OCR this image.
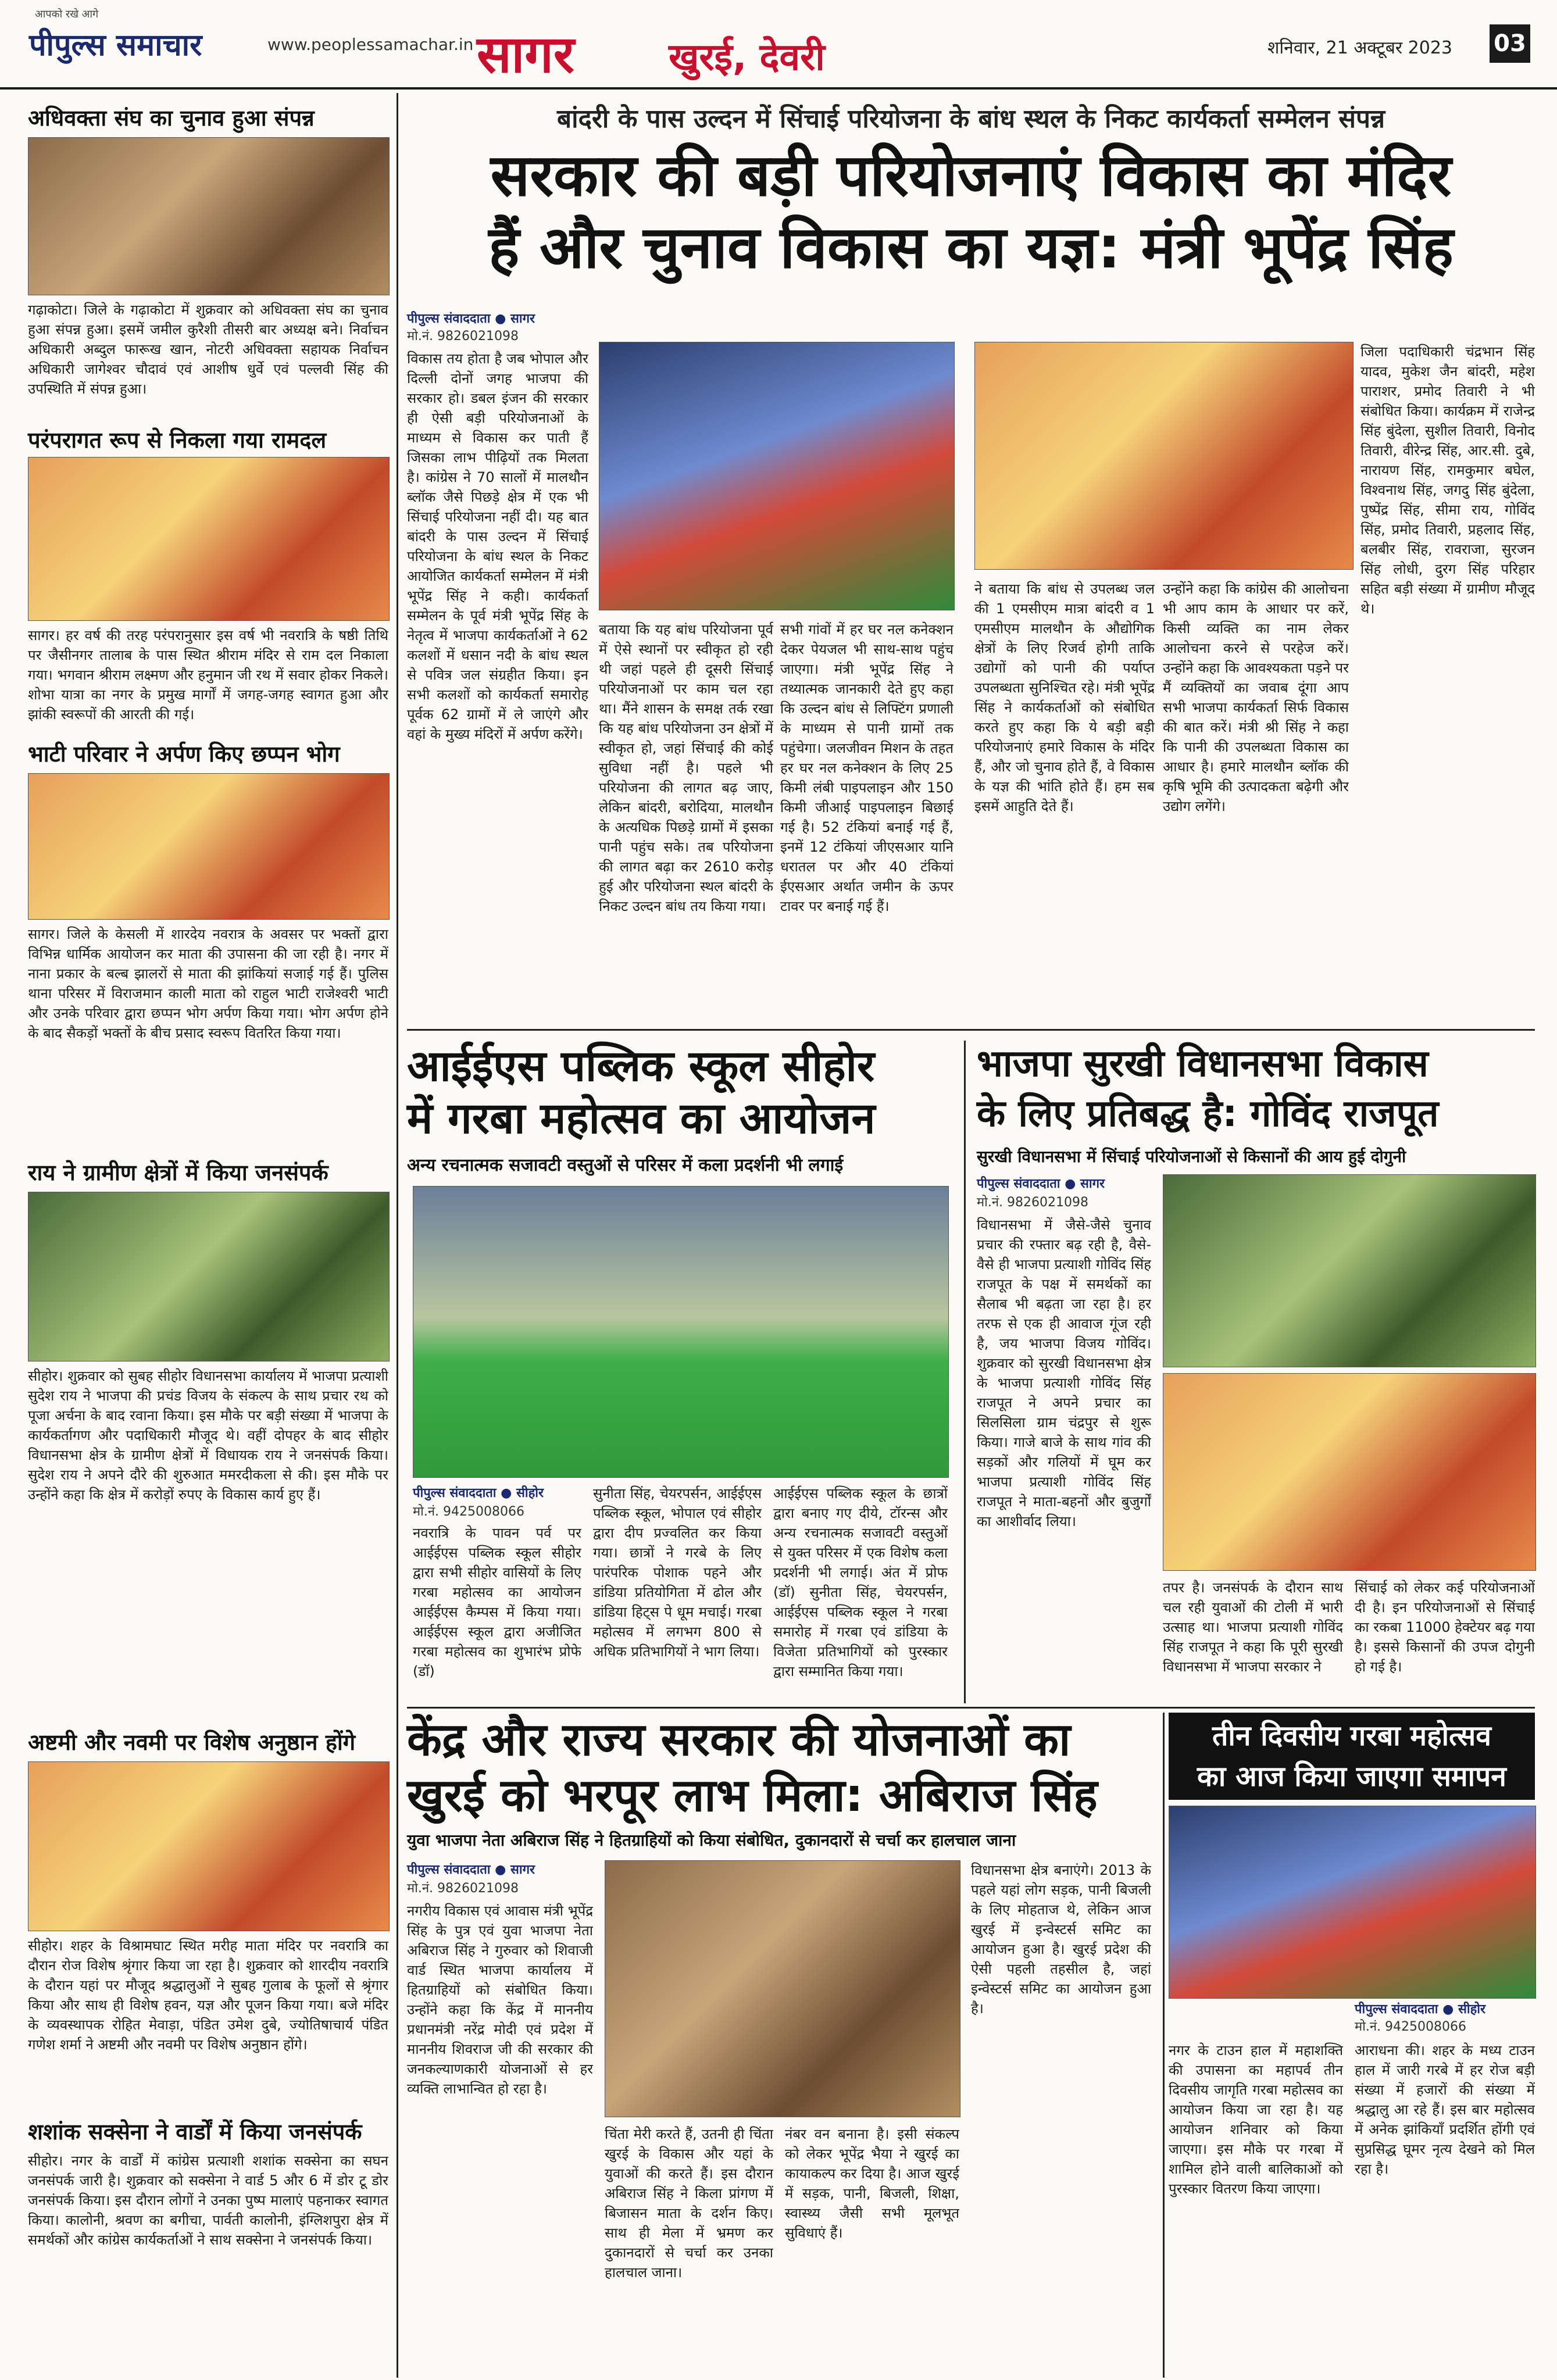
आपको रखे आगे
पीपुल्स समाचार	www.peoplessamachar.in सागर	खुरई, देवरी	शनिवार, 21 अक्टूबर 2023 03
अधिवक्ता संघ का चुनाव हुआ संपन्न
गढ़ाकोटा। जिले के गढ़ाकोटा में शुक्रवार को अधिवक्ता संघ का चुनाव हुआ संपन्न हुआ। इसमें जमील कुरैशी तीसरी बार अध्यक्ष बने। निर्वाचन अधिकारी अब्दुल फारूख खान, नोटरी अधिवक्ता सहायक निर्वाचन अधिकारी जागेश्वर चौदावं एवं आशीष धुर्वे एवं पल्लवी सिंह की उपस्थिति में संपन्न हुआ।
परंपरागत रूप से निकला गया रामदल
सागर। हर वर्ष की तरह परंपरानुसार इस वर्ष भी नवरात्रि के षष्ठी तिथि पर जैसीनगर तालाब के पास स्थित श्रीराम मंदिर से राम दल निकाला गया। भगवान श्रीराम लक्ष्मण और हनुमान जी रथ में सवार होकर निकले। शोभा यात्रा का नगर के प्रमुख मार्गों में जगह-जगह स्वागत हुआ और झांकी स्वरूपों की आरती की गई।
भाटी परिवार ने अर्पण किए छप्पन भोग
सागर। जिले के केसली में शारदेय नवरात्र के अवसर पर भक्तों द्वारा विभिन्न धार्मिक आयोजन कर माता की उपासना की जा रही है। नगर में नाना प्रकार के बल्ब झालरों से माता की झांकियां सजाई गई हैं। पुलिस थाना परिसर में विराजमान काली माता को राहुल भाटी राजेश्वरी भाटी और उनके परिवार द्वारा छप्पन भोग अर्पण किया गया। भोग अर्पण होने के बाद सैकड़ों भक्तों के बीच प्रसाद स्वरूप वितरित किया गया।
राय ने ग्रामीण क्षेत्रों में किया जनसंपर्क
सीहोर। शुक्रवार को सुबह सीहोर विधानसभा कार्यालय में भाजपा प्रत्याशी सुदेश राय ने भाजपा की प्रचंड विजय के संकल्प के साथ प्रचार रथ को पूजा अर्चना के बाद रवाना किया। इस मौके पर बड़ी संख्या में भाजपा के कार्यकर्तागण और पदाधिकारी मौजूद थे। वहीं दोपहर के बाद सीहोर विधानसभा क्षेत्र के ग्रामीण क्षेत्रों में विधायक राय ने जनसंपर्क किया। सुदेश राय ने अपने दौरे की शुरुआत ममरदीकला से की। इस मौके पर उन्होंने कहा कि क्षेत्र में करोड़ों रुपए के विकास कार्य हुए हैं।
अष्टमी और नवमी पर विशेष अनुष्ठान होंगे
सीहोर। शहर के विश्रामघाट स्थित मरीह माता मंदिर पर नवरात्रि का दौरान रोज विशेष श्रृंगार किया जा रहा है। शुक्रवार को शारदीय नवरात्रि के दौरान यहां पर मौजूद श्रद्धालुओं ने सुबह गुलाब के फूलों से श्रृंगार किया और साथ ही विशेष हवन, यज्ञ और पूजन किया गया। बजे मंदिर के व्यवस्थापक रोहित मेवाड़ा, पंडित उमेश दुबे, ज्योतिषाचार्य पंडित गणेश शर्मा ने अष्टमी और नवमी पर विशेष अनुष्ठान होंगे।
शशांक सक्सेना ने वार्डों में किया जनसंपर्क
सीहोर। नगर के वार्डों में कांग्रेस प्रत्याशी शशांक सक्सेना का सघन जनसंपर्क जारी है। शुक्रवार को सक्सेना ने वार्ड 5 और 6 में डोर टू डोर जनसंपर्क किया। इस दौरान लोगों ने उनका पुष्प मालाएं पहनाकर स्वागत किया। कालोनी, श्रवण का बगीचा, पार्वती कालोनी, इंग्लिशपुरा क्षेत्र में समर्थकों और कांग्रेस कार्यकर्ताओं ने साथ सक्सेना ने जनसंपर्क किया।
बांदरी के पास उल्दन में सिंचाई परियोजना के बांध स्थल के निकट कार्यकर्ता सम्मेलन संपन्न
सरकार की बड़ी परियोजनाएं विकास का मंदिर
हैं और चुनाव विकास का यज्ञ: मंत्री भूपेंद्र सिंह
पीपुल्स संवाददाता ● सागर
मो.नं. 9826021098
विकास तय होता है जब भोपाल और दिल्ली दोनों जगह भाजपा की सरकार हो। डबल इंजन की सरकार ही ऐसी बड़ी परियोजनाओं के माध्यम से विकास कर पाती हैं जिसका लाभ पीढ़ियों तक मिलता है। कांग्रेस ने 70 सालों में मालथौन ब्लॉक जैसे पिछड़े क्षेत्र में एक भी सिंचाई परियोजना नहीं दी। यह बात बांदरी के पास उल्दन में सिंचाई परियोजना के बांध स्थल के निकट आयोजित कार्यकर्ता सम्मेलन में मंत्री भूपेंद्र सिंह ने कही। कार्यकर्ता सम्मेलन के पूर्व मंत्री भूपेंद्र सिंह के नेतृत्व में भाजपा कार्यकर्ताओं ने 62 कलशों में धसान नदी के बांध स्थल से पवित्र जल संग्रहीत किया। इन सभी कलशों को कार्यकर्ता समारोह पूर्वक 62 ग्रामों में ले जाएंगे और वहां के मुख्य मंदिरों में अर्पण करेंगे।
बताया कि यह बांध परियोजना पूर्व में ऐसे स्थानों पर स्वीकृत हो रही थी जहां पहले ही दूसरी सिंचाई परियोजनाओं पर काम चल रहा था। मैंने शासन के समक्ष तर्क रखा कि यह बांध परियोजना उन क्षेत्रों में स्वीकृत हो, जहां सिंचाई की कोई सुविधा नहीं है। पहले भी परियोजना की लागत बढ़ जाए, लेकिन बांदरी, बरोदिया, मालथौन के अत्यधिक पिछड़े ग्रामों में इसका पानी पहुंच सके। तब परियोजना की लागत बढ़ा कर 2610 करोड़ हुई और परियोजना स्थल बांदरी के निकट उल्दन बांध तय किया गया।
सभी गांवों में हर घर नल कनेक्शन देकर पेयजल भी साथ-साथ पहुंच जाएगा। मंत्री भूपेंद्र सिंह ने तथ्यात्मक जानकारी देते हुए कहा कि उल्दन बांध से लिफ्टिंग प्रणाली के माध्यम से पानी ग्रामों तक पहुंचेगा। जलजीवन मिशन के तहत हर घर नल कनेक्शन के लिए 25 किमी लंबी पाइपलाइन और 150 किमी जीआई पाइपलाइन बिछाई गई है। 52 टंकियां बनाई गई हैं, इनमें 12 टंकियां जीएसआर यानि धरातल पर और 40 टंकियां ईएसआर अर्थात जमीन के ऊपर टावर पर बनाई गई हैं।
ने बताया कि बांध से उपलब्ध जल की 1 एमसीएम मात्रा बांदरी व 1 एमसीएम मालथौन के औद्योगिक क्षेत्रों के लिए रिजर्व होगी ताकि उद्योगों को पानी की पर्याप्त उपलब्धता सुनिश्चित रहे। मंत्री भूपेंद्र सिंह ने कार्यकर्ताओं को संबोधित करते हुए कहा कि ये बड़ी बड़ी परियोजनाएं हमारे विकास के मंदिर हैं, और जो चुनाव होते हैं, वे विकास के यज्ञ की भांति होते हैं। हम सब इसमें आहुति देते हैं।
उन्होंने कहा कि कांग्रेस की आलोचना भी आप काम के आधार पर करें, किसी व्यक्ति का नाम लेकर आलोचना करने से परहेज करें। उन्होंने कहा कि आवश्यकता पड़ने पर मैं व्यक्तियों का जवाब दूंगा आप सभी भाजपा कार्यकर्ता सिर्फ विकास की बात करें। मंत्री श्री सिंह ने कहा कि पानी की उपलब्धता विकास का आधार है। हमारे मालथौन ब्लॉक की कृषि भूमि की उत्पादकता बढ़ेगी और उद्योग लगेंगे।
जिला पदाधिकारी चंद्रभान सिंह यादव, मुकेश जैन बांदरी, महेश पाराशर, प्रमोद तिवारी ने भी संबोधित किया। कार्यक्रम में राजेन्द्र सिंह बुंदेला, सुशील तिवारी, विनोद तिवारी, वीरेन्द्र सिंह, आर.सी. दुबे, नारायण सिंह, रामकुमार बघेल, विश्वनाथ सिंह, जगदु सिंह बुंदेला, पुष्पेंद्र सिंह, सीमा राय, गोविंद सिंह, प्रमोद तिवारी, प्रहलाद सिंह, बलबीर सिंह, रावराजा, सुरजन सिंह लोधी, दुरग सिंह परिहार सहित बड़ी संख्या में ग्रामीण मौजूद थे।
आईईएस पब्लिक स्कूल सीहोर
में गरबा महोत्सव का आयोजन
अन्य रचनात्मक सजावटी वस्तुओं से परिसर में कला प्रदर्शनी भी लगाई
पीपुल्स संवाददाता ● सीहोर
मो.नं. 9425008066
नवरात्रि के पावन पर्व पर आईईएस पब्लिक स्कूल सीहोर द्वारा सभी सीहोर वासियों के लिए गरबा महोत्सव का आयोजन आईईएस कैम्पस में किया गया। आईईएस स्कूल द्वारा अजीजित गरबा महोत्सव का शुभारंभ प्रोफे (डॉ)
सुनीता सिंह, चेयरपर्सन, आईईएस पब्लिक स्कूल, भोपाल एवं सीहोर द्वारा दीप प्रज्वलित कर किया गया। छात्रों ने गरबे के लिए पारंपरिक पोशाक पहने और डांडिया प्रतियोगिता में ढोल और डांडिया हिट्स पे धूम मचाई। गरबा महोत्सव में लगभग 800 से अधिक प्रतिभागियों ने भाग लिया।
आईईएस पब्लिक स्कूल के छात्रों द्वारा बनाए गए दीये, टॉरन्स और अन्य रचनात्मक सजावटी वस्तुओं से युक्त परिसर में एक विशेष कला प्रदर्शनी भी लगाई। अंत में प्रोफ (डॉ) सुनीता सिंह, चेयरपर्सन, आईईएस पब्लिक स्कूल ने गरबा समारोह में गरबा एवं डांडिया के विजेता प्रतिभागियों को पुरस्कार द्वारा सम्मानित किया गया।
भाजपा सुरखी विधानसभा विकास
के लिए प्रतिबद्ध है: गोविंद राजपूत
सुरखी विधानसभा में सिंचाई परियोजनाओं से किसानों की आय हुई दोगुनी
पीपुल्स संवाददाता ● सागर
मो.नं. 9826021098
विधानसभा में जैसे-जैसे चुनाव प्रचार की रफ्तार बढ़ रही है, वैसे-वैसे ही भाजपा प्रत्याशी गोविंद सिंह राजपूत के पक्ष में समर्थकों का सैलाब भी बढ़ता जा रहा है। हर तरफ से एक ही आवाज गूंज रही है, जय भाजपा विजय गोविंद। शुक्रवार को सुरखी विधानसभा क्षेत्र के भाजपा प्रत्याशी गोविंद सिंह राजपूत ने अपने प्रचार का सिलसिला ग्राम चंद्रपुर से शुरू किया। गाजे बाजे के साथ गांव की सड़कों और गलियों में घूम कर भाजपा प्रत्याशी गोविंद सिंह राजपूत ने माता-बहनों और बुजुर्गों का आशीर्वाद लिया।
तपर है। जनसंपर्क के दौरान साथ चल रही युवाओं की टोली में भारी उत्साह था। भाजपा प्रत्याशी गोविंद सिंह राजपूत ने कहा कि पूरी सुरखी विधानसभा में भाजपा सरकार ने
सिंचाई को लेकर कई परियोजनाओं दी है। इन परियोजनाओं से सिंचाई का रकबा 11000 हेक्टेयर बढ़ गया है। इससे किसानों की उपज दोगुनी हो गई है।
केंद्र और राज्य सरकार की योजनाओं का
खुरई को भरपूर लाभ मिला: अबिराज सिंह
युवा भाजपा नेता अबिराज सिंह ने हितग्राहियों को किया संबोधित, दुकानदारों से चर्चा कर हालचाल जाना
पीपुल्स संवाददाता ● सागर
मो.नं. 9826021098
नगरीय विकास एवं आवास मंत्री भूपेंद्र सिंह के पुत्र एवं युवा भाजपा नेता अबिराज सिंह ने गुरुवार को शिवाजी वार्ड स्थित भाजपा कार्यालय में हितग्राहियों को संबोधित किया। उन्होंने कहा कि केंद्र में माननीय प्रधानमंत्री नरेंद्र मोदी एवं प्रदेश में माननीय शिवराज जी की सरकार की जनकल्याणकारी योजनाओं से हर व्यक्ति लाभान्वित हो रहा है।
चिंता मेरी करते हैं, उतनी ही चिंता खुरई के विकास और यहां के युवाओं की करते हैं। इस दौरान अबिराज सिंह ने किला प्रांगण में बिजासन माता के दर्शन किए। साथ ही मेला में भ्रमण कर दुकानदारों से चर्चा कर उनका हालचाल जाना।
नंबर वन बनाना है। इसी संकल्प को लेकर भूपेंद्र भैया ने खुरई का कायाकल्प कर दिया है। आज खुरई में सड़क, पानी, बिजली, शिक्षा, स्वास्थ्य जैसी सभी मूलभूत सुविधाएं हैं।
विधानसभा क्षेत्र बनाएंगे। 2013 के पहले यहां लोग सड़क, पानी बिजली के लिए मोहताज थे, लेकिन आज खुरई में इन्वेस्टर्स समिट का आयोजन हुआ है। खुरई प्रदेश की ऐसी पहली तहसील है, जहां इन्वेस्टर्स समिट का आयोजन हुआ है।
तीन दिवसीय गरबा महोत्सव
का आज किया जाएगा समापन
पीपुल्स संवाददाता ● सीहोर
मो.नं. 9425008066
नगर के टाउन हाल में महाशक्ति की उपासना का महापर्व तीन दिवसीय जागृति गरबा महोत्सव का आयोजन किया जा रहा है। यह आयोजन शनिवार को किया जाएगा। इस मौके पर गरबा में शामिल होने वाली बालिकाओं को पुरस्कार वितरण किया जाएगा।
आराधना की। शहर के मध्य टाउन हाल में जारी गरबे में हर रोज बड़ी संख्या में हजारों की संख्या में श्रद्धालु आ रहे हैं। इस बार महोत्सव में अनेक झांकियाँ प्रदर्शित होंगी एवं सुप्रसिद्ध घूमर नृत्य देखने को मिल रहा है।
